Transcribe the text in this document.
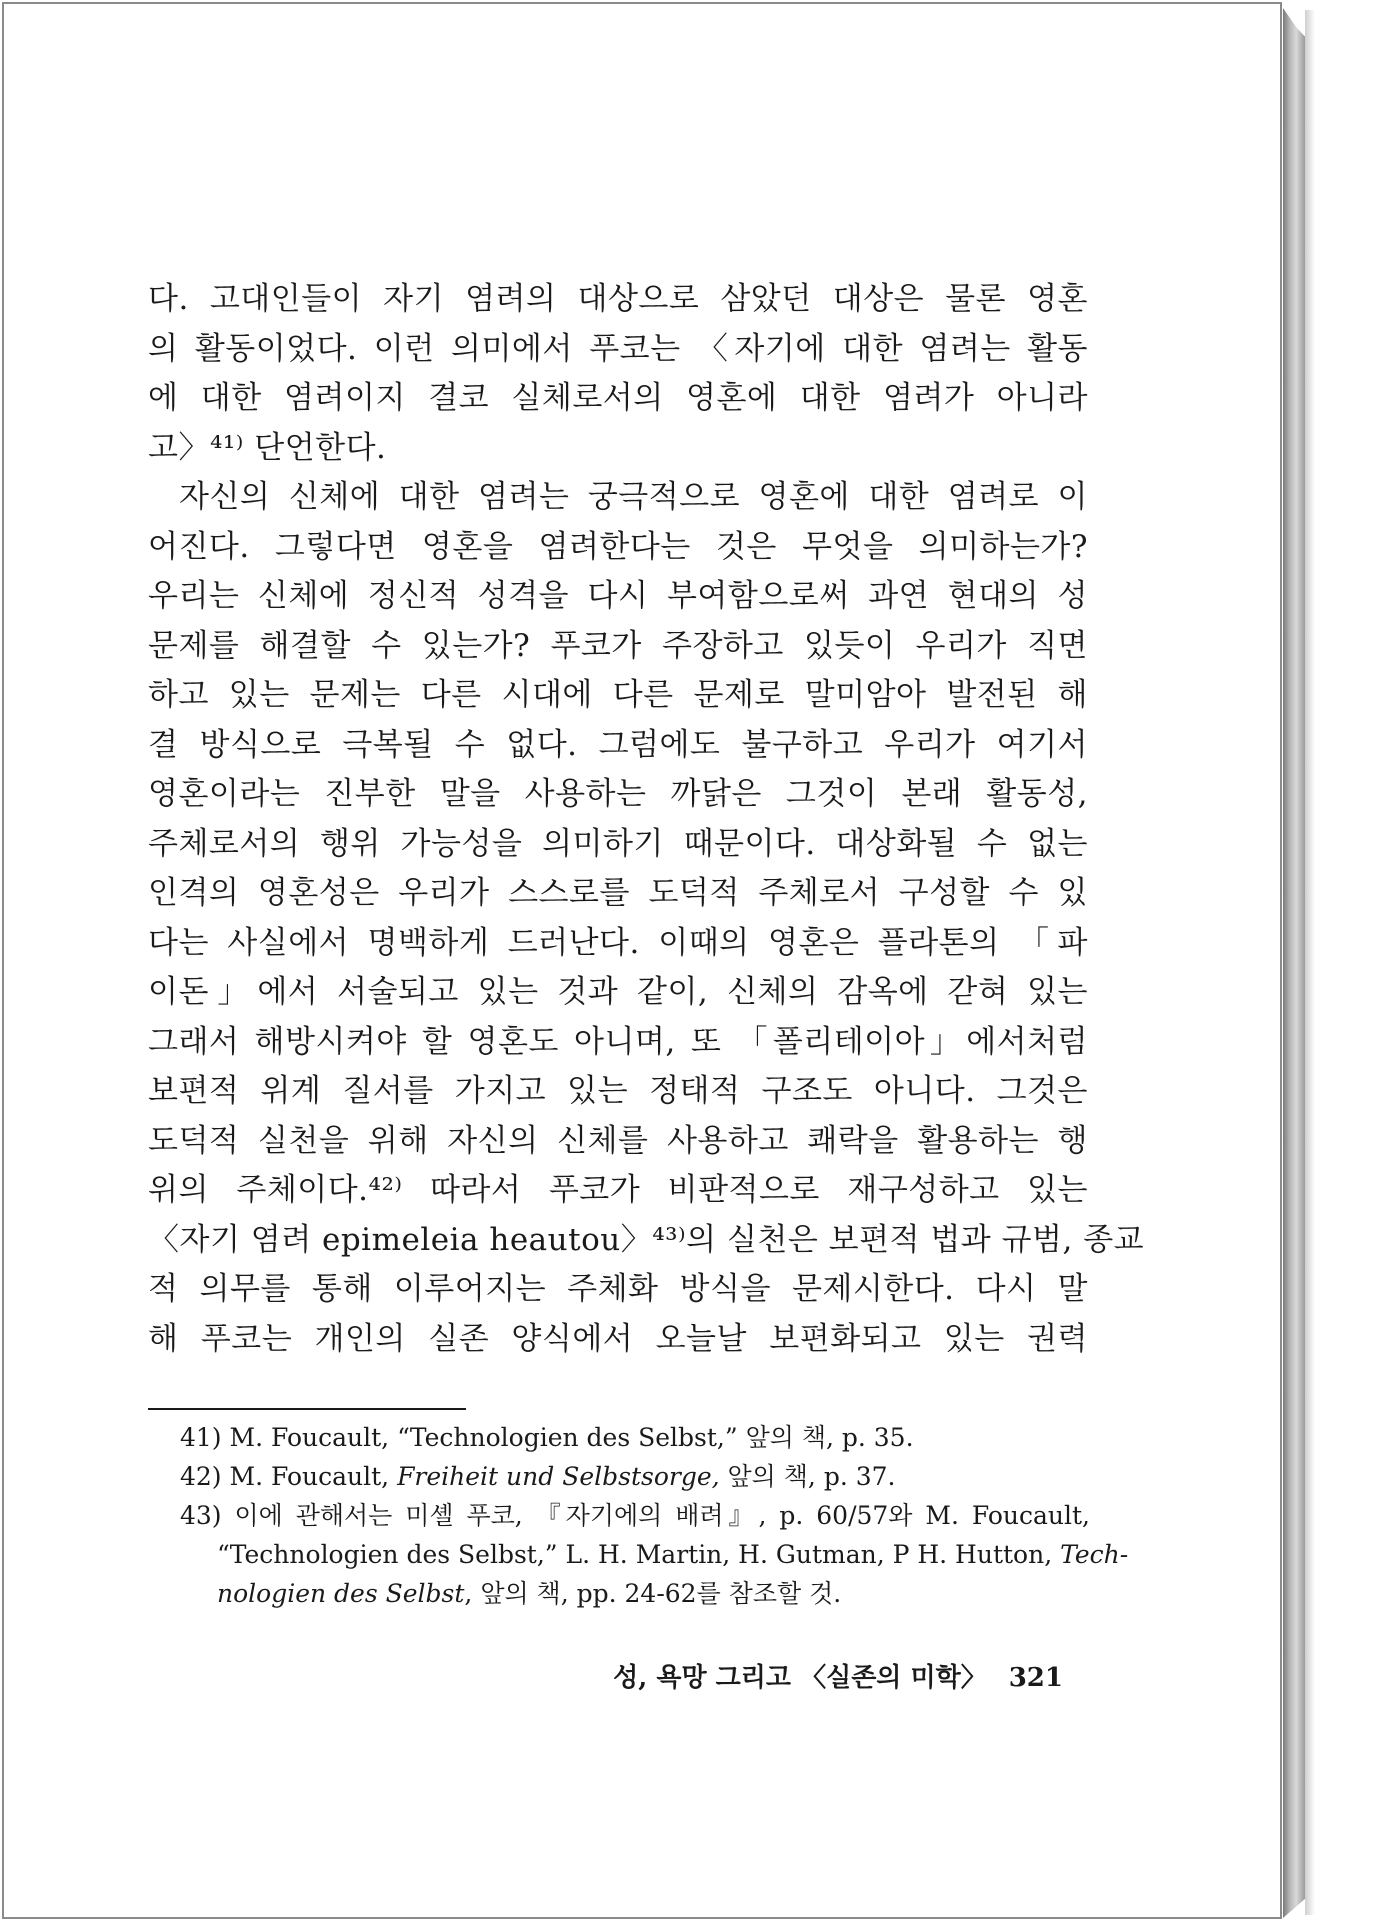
다. 고대인들이 자기 염려의 대상으로 삼았던 대상은 물론 영혼
의 활동이었다. 이런 의미에서 푸코는 〈자기에 대한 염려는 활동
에 대한 염려이지 결코 실체로서의 영혼에 대한 염려가 아니라
고〉⁴¹⁾ 단언한다.
자신의 신체에 대한 염려는 궁극적으로 영혼에 대한 염려로 이
어진다. 그렇다면 영혼을 염려한다는 것은 무엇을 의미하는가?
우리는 신체에 정신적 성격을 다시 부여함으로써 과연 현대의 성
문제를 해결할 수 있는가? 푸코가 주장하고 있듯이 우리가 직면
하고 있는 문제는 다른 시대에 다른 문제로 말미암아 발전된 해
결 방식으로 극복될 수 없다. 그럼에도 불구하고 우리가 여기서
영혼이라는 진부한 말을 사용하는 까닭은 그것이 본래 활동성,
주체로서의 행위 가능성을 의미하기 때문이다. 대상화될 수 없는
인격의 영혼성은 우리가 스스로를 도덕적 주체로서 구성할 수 있
다는 사실에서 명백하게 드러난다. 이때의 영혼은 플라톤의 「파
이돈」에서 서술되고 있는 것과 같이, 신체의 감옥에 갇혀 있는
그래서 해방시켜야 할 영혼도 아니며, 또 「폴리테이아」에서처럼
보편적 위계 질서를 가지고 있는 정태적 구조도 아니다. 그것은
도덕적 실천을 위해 자신의 신체를 사용하고 쾌락을 활용하는 행
위의 주체이다.⁴²⁾ 따라서 푸코가 비판적으로 재구성하고 있는
〈자기 염려 epimeleia heautou〉⁴³⁾의 실천은 보편적 법과 규범, 종교
적 의무를 통해 이루어지는 주체화 방식을 문제시한다. 다시 말
해 푸코는 개인의 실존 양식에서 오늘날 보편화되고 있는 권력
41) M. Foucault, “Technologien des Selbst,” 앞의 책, p. 35.
42) M. Foucault, Freiheit und Selbstsorge, 앞의 책, p. 37.
43) 이에 관해서는 미셸 푸코, 『자기에의 배려』, p. 60/57와 M. Foucault,
“Technologien des Selbst,” L. H. Martin, H. Gutman, P H. Hutton, Tech-
nologien des Selbst, 앞의 책, pp. 24-62를 참조할 것.
성, 욕망 그리고 〈실존의 미학〉 321
